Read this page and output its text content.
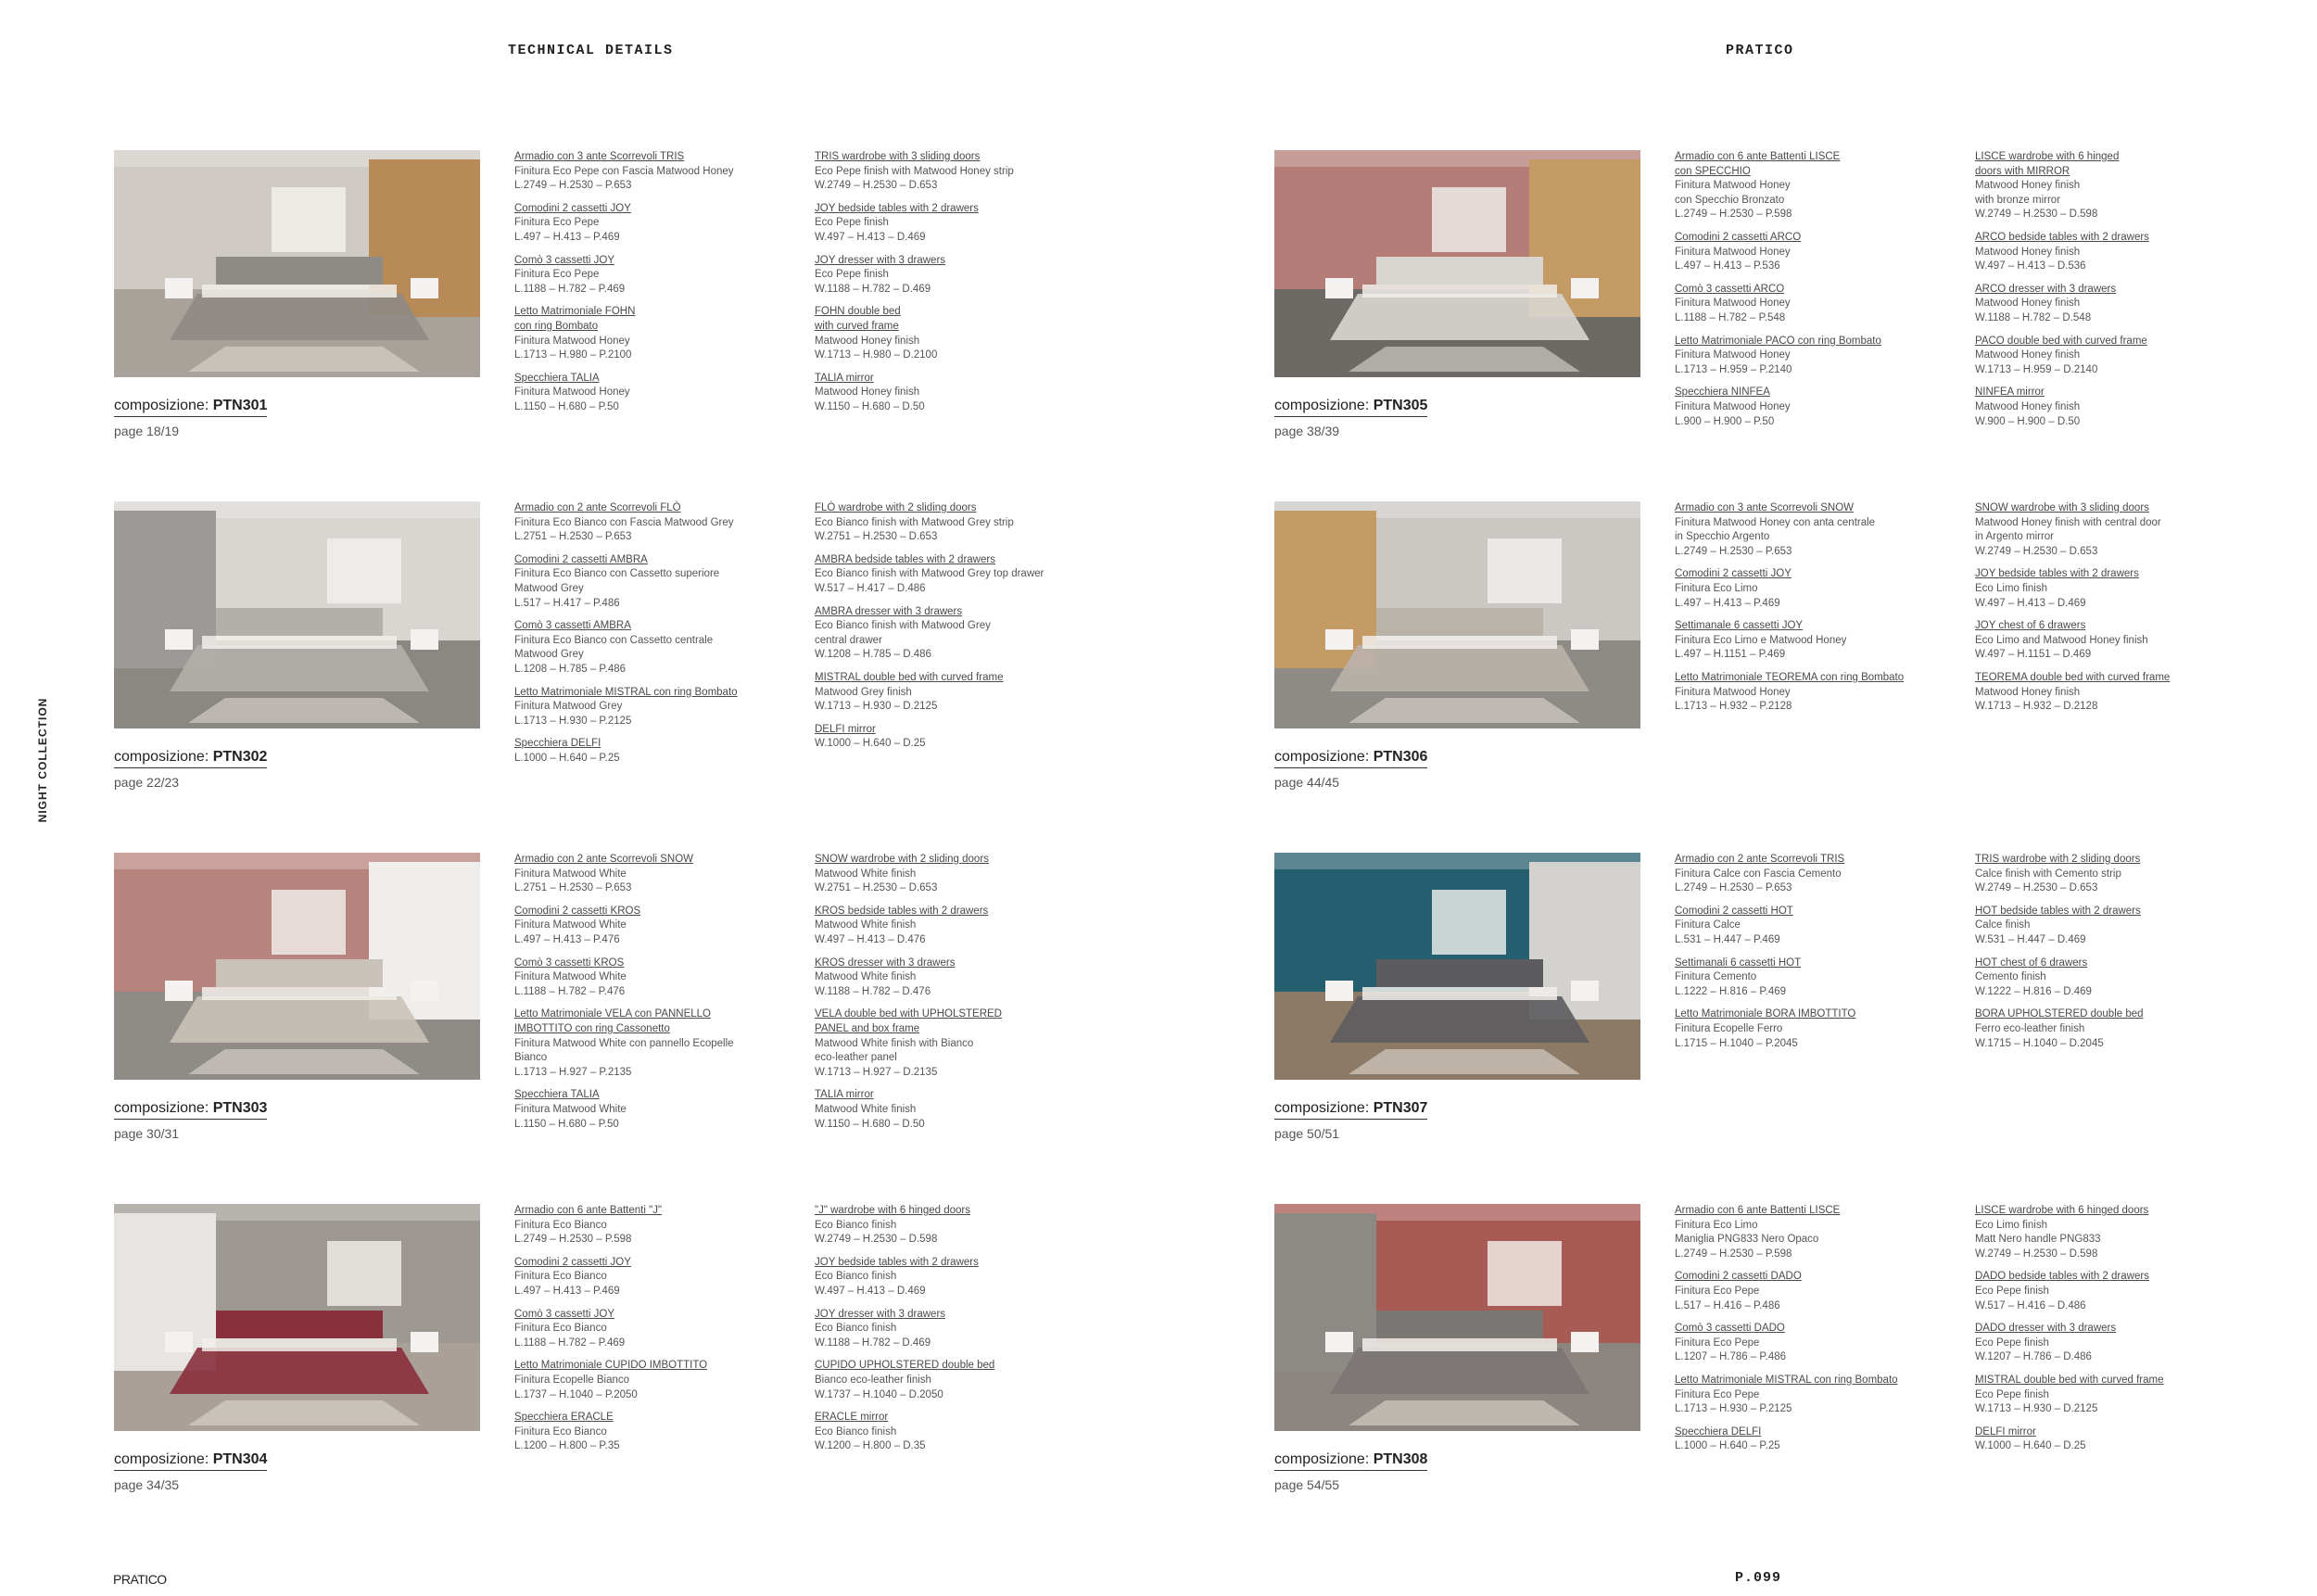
TECHNICAL DETAILS	PRATICO
NIGHT COLLECTION
composizione: PTN301
page 18/19
Armadio con 3 ante Scorrevoli TRIS
Finitura Eco Pepe con Fascia Matwood Honey
L.2749 – H.2530 – P.653
Comodini 2 cassetti JOY
Finitura Eco Pepe
L.497 – H.413 – P.469
Comò 3 cassetti JOY
Finitura Eco Pepe
L.1188 – H.782 – P.469
Letto Matrimoniale FOHN
con ring Bombato
Finitura Matwood Honey
L.1713 – H.980 – P.2100
Specchiera TALIA
Finitura Matwood Honey
L.1150 – H.680 – P.50
TRIS wardrobe with 3 sliding doors
Eco Pepe finish with Matwood Honey strip
W.2749 – H.2530 – D.653
JOY bedside tables with 2 drawers
Eco Pepe finish
W.497 – H.413 – D.469
JOY dresser with 3 drawers
Eco Pepe finish
W.1188 – H.782 – D.469
FOHN double bed
with curved frame
Matwood Honey finish
W.1713 – H.980 – D.2100
TALIA mirror
Matwood Honey finish
W.1150 – H.680 – D.50
composizione: PTN302
page 22/23
Armadio con 2 ante Scorrevoli FLÒ
Finitura Eco Bianco con Fascia Matwood Grey
L.2751 – H.2530 – P.653
Comodini 2 cassetti AMBRA
Finitura Eco Bianco con Cassetto superiore
Matwood Grey
L.517 – H.417 – P.486
Comò 3 cassetti AMBRA
Finitura Eco Bianco con Cassetto centrale
Matwood Grey
L.1208 – H.785 – P.486
Letto Matrimoniale MISTRAL con ring Bombato
Finitura Matwood Grey
L.1713 – H.930 – P.2125
Specchiera DELFI
L.1000 – H.640 – P.25
FLÒ wardrobe with 2 sliding doors
Eco Bianco finish with Matwood Grey strip
W.2751 – H.2530 – D.653
AMBRA bedside tables with 2 drawers
Eco Bianco finish with Matwood Grey top drawer
W.517 – H.417 – D.486
AMBRA dresser with 3 drawers
Eco Bianco finish with Matwood Grey
central drawer
W.1208 – H.785 – D.486
MISTRAL double bed with curved frame
Matwood Grey finish
W.1713 – H.930 – D.2125
DELFI mirror
W.1000 – H.640 – D.25
composizione: PTN303
page 30/31
Armadio con 2 ante Scorrevoli SNOW
Finitura Matwood White
L.2751 – H.2530 – P.653
Comodini 2 cassetti KROS
Finitura Matwood White
L.497 – H.413 – P.476
Comò 3 cassetti KROS
Finitura Matwood White
L.1188 – H.782 – P.476
Letto Matrimoniale VELA con PANNELLO
IMBOTTITO con ring Cassonetto
Finitura Matwood White con pannello Ecopelle
Bianco
L.1713 – H.927 – P.2135
Specchiera TALIA
Finitura Matwood White
L.1150 – H.680 – P.50
SNOW wardrobe with 2 sliding doors
Matwood White finish
W.2751 – H.2530 – D.653
KROS bedside tables with 2 drawers
Matwood White finish
W.497 – H.413 – D.476
KROS dresser with 3 drawers
Matwood White finish
W.1188 – H.782 – D.476
VELA double bed with UPHOLSTERED
PANEL and box frame
Matwood White finish with Bianco
eco-leather panel
W.1713 – H.927 – D.2135
TALIA mirror
Matwood White finish
W.1150 – H.680 – D.50
composizione: PTN304
page 34/35
Armadio con 6 ante Battenti "J"
Finitura Eco Bianco
L.2749 – H.2530 – P.598
Comodini 2 cassetti JOY
Finitura Eco Bianco
L.497 – H.413 – P.469
Comò 3 cassetti JOY
Finitura Eco Bianco
L.1188 – H.782 – P.469
Letto Matrimoniale CUPIDO IMBOTTITO
Finitura Ecopelle Bianco
L.1737 – H.1040 – P.2050
Specchiera ERACLE
Finitura Eco Bianco
L.1200 – H.800 – P.35
"J" wardrobe with 6 hinged doors
Eco Bianco finish
W.2749 – H.2530 – D.598
JOY bedside tables with 2 drawers
Eco Bianco finish
W.497 – H.413 – D.469
JOY dresser with 3 drawers
Eco Bianco finish
W.1188 – H.782 – D.469
CUPIDO UPHOLSTERED double bed
Bianco eco-leather finish
W.1737 – H.1040 – D.2050
ERACLE mirror
Eco Bianco finish
W.1200 – H.800 – D.35
composizione: PTN305
page 38/39
Armadio con 6 ante Battenti LISCE
con SPECCHIO
Finitura Matwood Honey
con Specchio Bronzato
L.2749 – H.2530 – P.598
Comodini 2 cassetti ARCO
Finitura Matwood Honey
L.497 – H.413 – P.536
Comò 3 cassetti ARCO
Finitura Matwood Honey
L.1188 – H.782 – P.548
Letto Matrimoniale PACO con ring Bombato
Finitura Matwood Honey
L.1713 – H.959 – P.2140
Specchiera NINFEA
Finitura Matwood Honey
L.900 – H.900 – P.50
LISCE wardrobe with 6 hinged
doors with MIRROR
Matwood Honey finish
with bronze mirror
W.2749 – H.2530 – D.598
ARCO bedside tables with 2 drawers
Matwood Honey finish
W.497 – H.413 – D.536
ARCO dresser with 3 drawers
Matwood Honey finish
W.1188 – H.782 – D.548
PACO double bed with curved frame
Matwood Honey finish
W.1713 – H.959 – D.2140
NINFEA mirror
Matwood Honey finish
W.900 – H.900 – D.50
composizione: PTN306
page 44/45
Armadio con 3 ante Scorrevoli SNOW
Finitura Matwood Honey con anta centrale
in Specchio Argento
L.2749 – H.2530 – P.653
Comodini 2 cassetti JOY
Finitura Eco Limo
L.497 – H.413 – P.469
Settimanale 6 cassetti JOY
Finitura Eco Limo e Matwood Honey
L.497 – H.1151 – P.469
Letto Matrimoniale TEOREMA con ring Bombato
Finitura Matwood Honey
L.1713 – H.932 – P.2128
SNOW wardrobe with 3 sliding doors
Matwood Honey finish with central door
in Argento mirror
W.2749 – H.2530 – D.653
JOY bedside tables with 2 drawers
Eco Limo finish
W.497 – H.413 – D.469
JOY chest of 6 drawers
Eco Limo and Matwood Honey finish
W.497 – H.1151 – D.469
TEOREMA double bed with curved frame
Matwood Honey finish
W.1713 – H.932 – D.2128
composizione: PTN307
page 50/51
Armadio con 2 ante Scorrevoli TRIS
Finitura Calce con Fascia Cemento
L.2749 – H.2530 – P.653
Comodini 2 cassetti HOT
Finitura Calce
L.531 – H.447 – P.469
Settimanali 6 cassetti HOT
Finitura Cemento
L.1222 – H.816 – P.469
Letto Matrimoniale BORA IMBOTTITO
Finitura Ecopelle Ferro
L.1715 – H.1040 – P.2045
TRIS wardrobe with 2 sliding doors
Calce finish with Cemento strip
W.2749 – H.2530 – D.653
HOT bedside tables with 2 drawers
Calce finish
W.531 – H.447 – D.469
HOT chest of 6 drawers
Cemento finish
W.1222 – H.816 – D.469
BORA UPHOLSTERED double bed
Ferro eco-leather finish
W.1715 – H.1040 – D.2045
composizione: PTN308
page 54/55
Armadio con 6 ante Battenti LISCE
Finitura Eco Limo
Maniglia PNG833 Nero Opaco
L.2749 – H.2530 – P.598
Comodini 2 cassetti DADO
Finitura Eco Pepe
L.517 – H.416 – P.486
Comò 3 cassetti DADO
Finitura Eco Pepe
L.1207 – H.786 – P.486
Letto Matrimoniale MISTRAL con ring Bombato
Finitura Eco Pepe
L.1713 – H.930 – P.2125
Specchiera DELFI
L.1000 – H.640 – P.25
LISCE wardrobe with 6 hinged doors
Eco Limo finish
Matt Nero handle PNG833
W.2749 – H.2530 – D.598
DADO bedside tables with 2 drawers
Eco Pepe finish
W.517 – H.416 – D.486
DADO dresser with 3 drawers
Eco Pepe finish
W.1207 – H.786 – D.486
MISTRAL double bed with curved frame
Eco Pepe finish
W.1713 – H.930 – D.2125
DELFI mirror
W.1000 – H.640 – D.25
PRATICO	P.099
